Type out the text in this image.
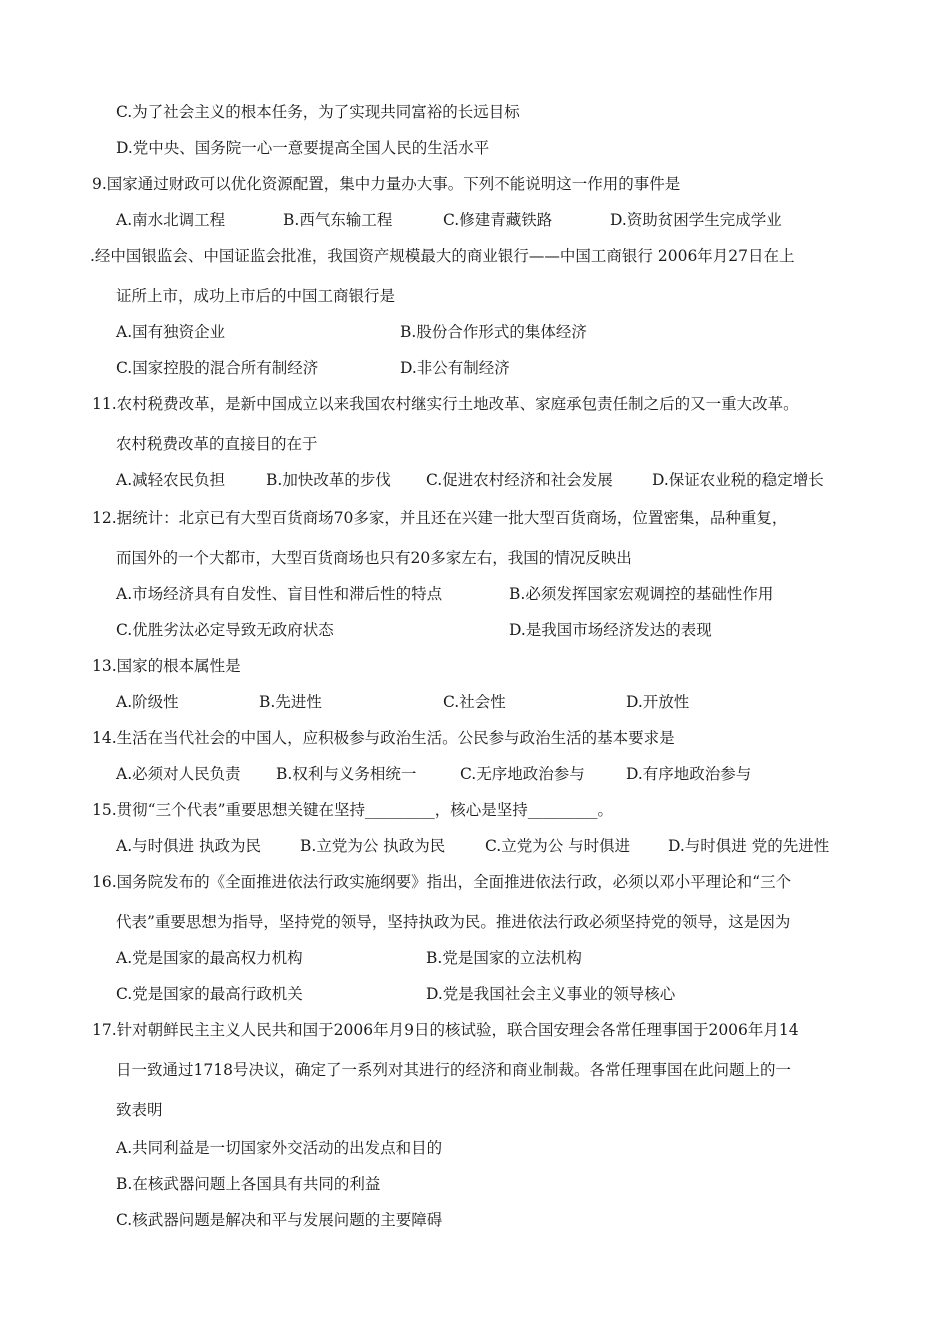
C.为了社会主义的根本任务，为了实现共同富裕的长远目标
D.党中央、国务院一心一意要提高全国人民的生活水平
9.国家通过财政可以优化资源配置，集中力量办大事。下列不能说明这一作用的事件是
A.南水北调工程	B.西气东输工程	C.修建青藏铁路	D.资助贫困学生完成学业
.经中国银监会、中国证监会批准，我国资产规模最大的商业银行——中国工商银行 2006年月27日在上
证所上市，成功上市后的中国工商银行是
A.国有独资企业	B.股份合作形式的集体经济
C.国家控股的混合所有制经济	D.非公有制经济
11.农村税费改革，是新中国成立以来我国农村继实行土地改革、家庭承包责任制之后的又一重大改革。
农村税费改革的直接目的在于
A.减轻农民负担	B.加快改革的步伐 C.促进农村经济和社会发展	D.保证农业税的稳定增长
12.据统计：北京已有大型百货商场70多家，并且还在兴建一批大型百货商场，位置密集，品种重复，
而国外的一个大都市，大型百货商场也只有20多家左右，我国的情况反映出
A.市场经济具有自发性、盲目性和滞后性的特点	B.必须发挥国家宏观调控的基础性作用
C.优胜劣汰必定导致无政府状态	D.是我国市场经济发达的表现
13.国家的根本属性是
A.阶级性	B.先进性	C.社会性	D.开放性
14.生活在当代社会的中国人，应积极参与政治生活。公民参与政治生活的基本要求是
A.必须对人民负责 B.权利与义务相统一	C.无序地政治参与	D.有序地政治参与
15.贯彻“三个代表”重要思想关键在坚持_________，核心是坚持_________。
A.与时俱进 执政为民	B.立党为公 执政为民	C.立党为公 与时俱进 D.与时俱进 党的先进性
16.国务院发布的《全面推进依法行政实施纲要》指出，全面推进依法行政，必须以邓小平理论和“三个
代表”重要思想为指导，坚持党的领导，坚持执政为民。推进依法行政必须坚持党的领导，这是因为
A.党是国家的最高权力机构	B.党是国家的立法机构
C.党是国家的最高行政机关	D.党是我国社会主义事业的领导核心
17.针对朝鲜民主主义人民共和国于2006年月9日的核试验，联合国安理会各常任理事国于2006年月14
日一致通过1718号决议，确定了一系列对其进行的经济和商业制裁。各常任理事国在此问题上的一
致表明
A.共同利益是一切国家外交活动的出发点和目的
B.在核武器问题上各国具有共同的利益
C.核武器问题是解决和平与发展问题的主要障碍
